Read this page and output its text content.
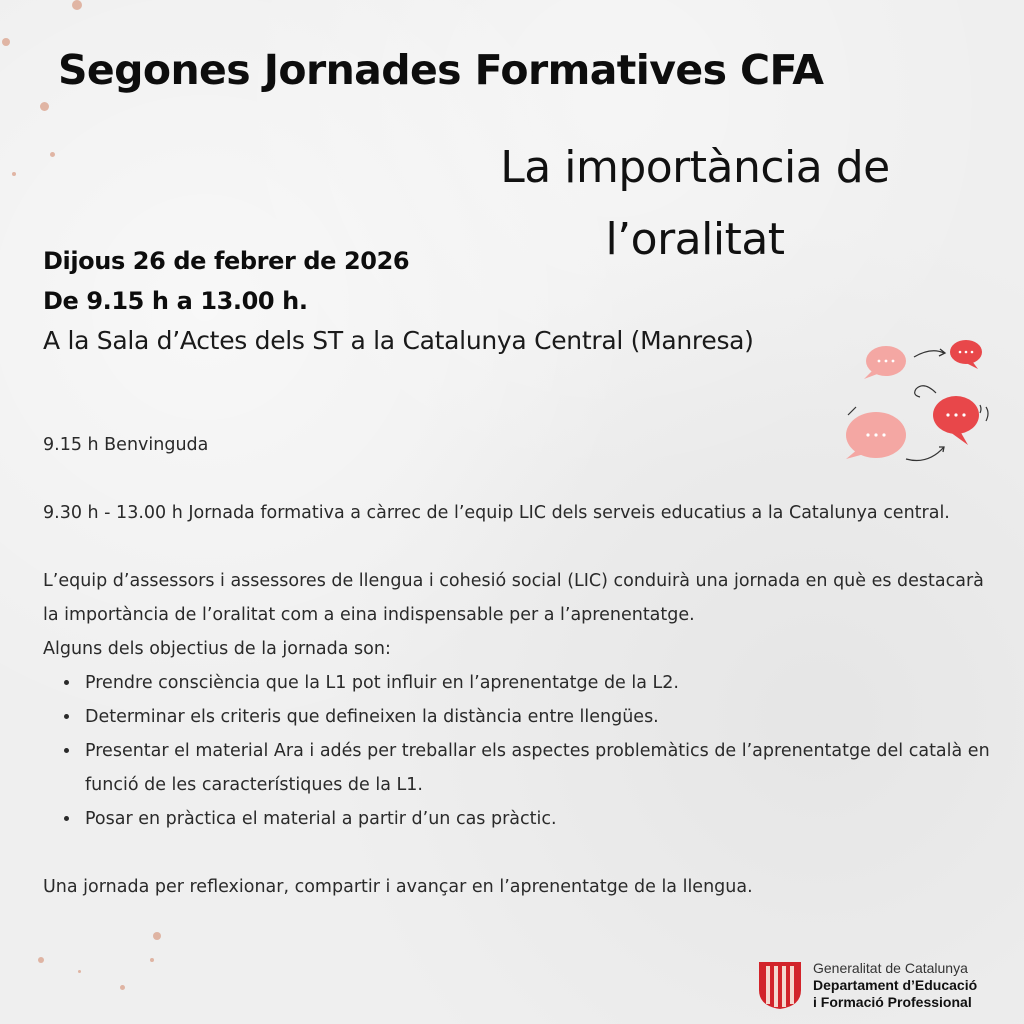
Segones Jornades Formatives CFA
La importància de
l’oralitat

Dijous 26 de febrer de 2026

De 9.15 h a 13.00 h.

A la Sala d’Actes dels ST a la Catalunya Central (Manresa)

9.15 h Benvinguda

9.30 h - 13.00 h Jornada formativa a càrrec de l’equip LIC dels serveis educatius a la Catalunya central.

L’equip d’assessors i assessores de llengua i cohesió social (LIC) conduirà una jornada en què es destacarà la importància de l’oralitat com a eina indispensable per a l’aprenentatge.

Alguns dels objectius de la jornada son:

• Prendre consciència que la L1 pot influir en l’aprenentatge de la L2.
• Determinar els criteris que defineixen la distància entre llengües.
• Presentar el material Ara i adés per treballar els aspectes problemàtics de l’aprenentatge del català en funció de les característiques de la L1.
• Posar en pràctica el material a partir d’un cas pràctic.

Una jornada per reflexionar, compartir i avançar en l’aprenentatge de la llengua.

Generalitat de Catalunya
Departament d’Educació
i Formació Professional
